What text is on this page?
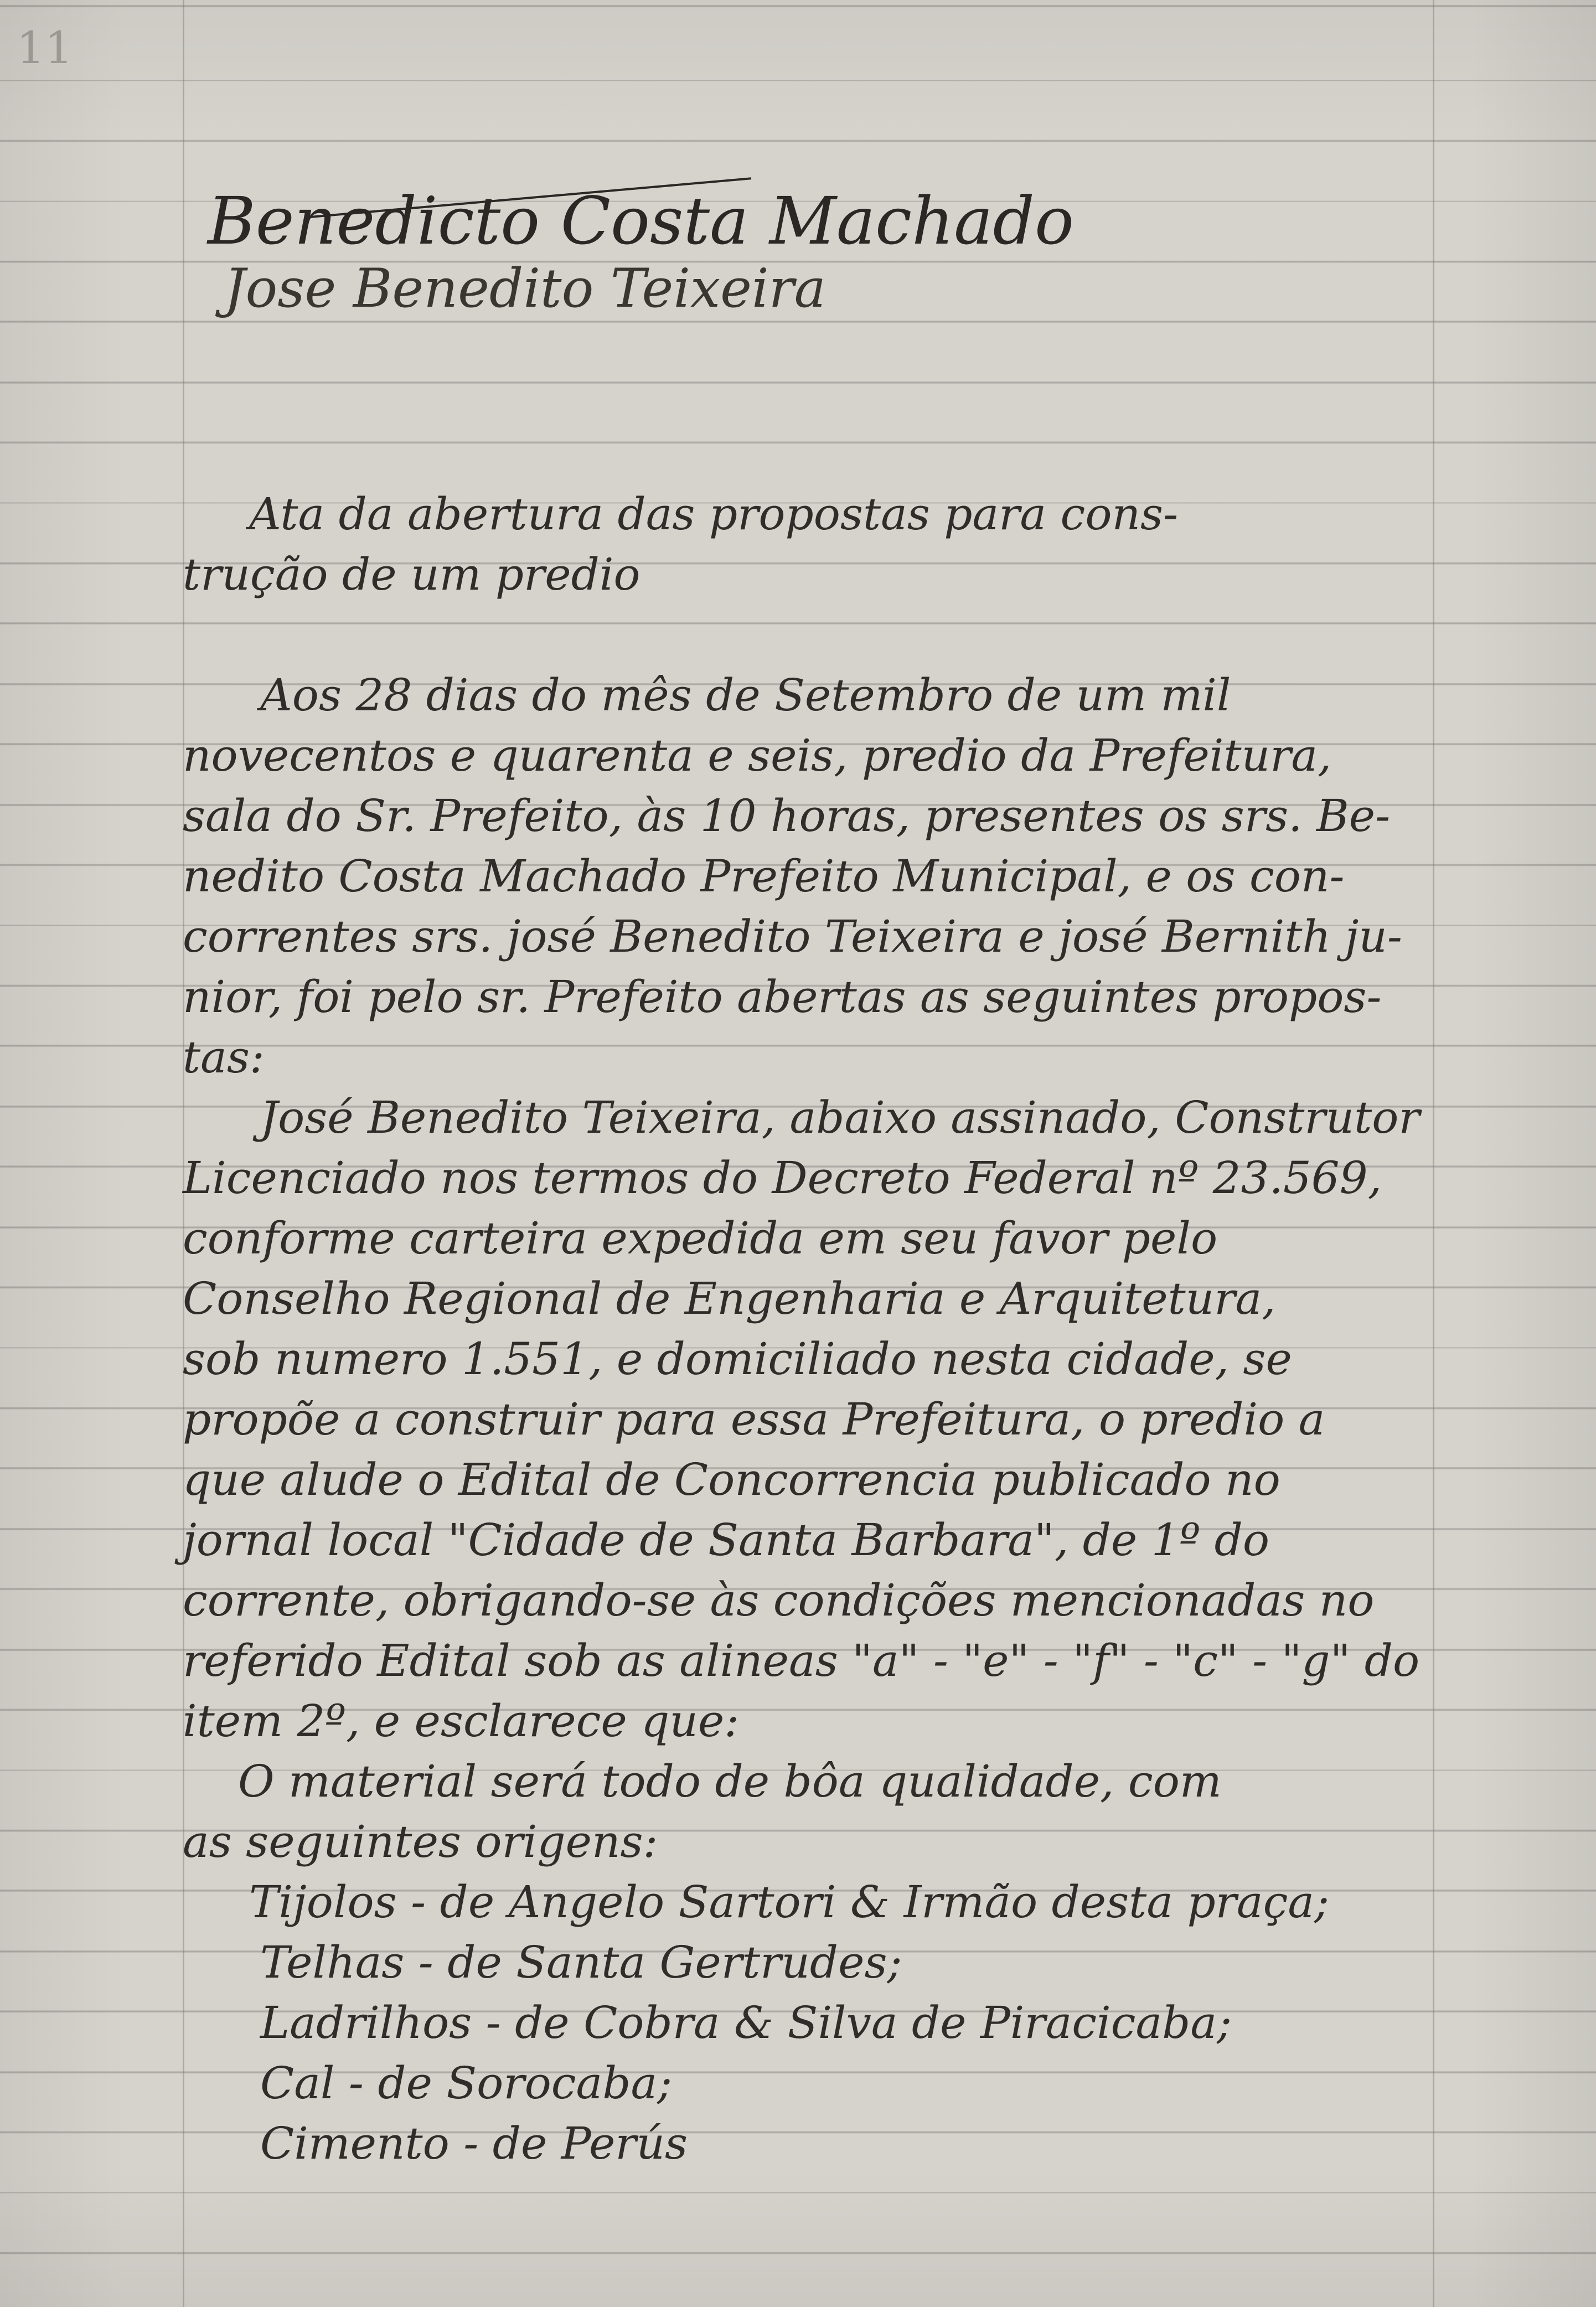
11
Benedicto Costa Machado
Jose Benedito Teixeira
Ata da abertura das propostas para cons-
trução de um predio
Aos 28 dias do mês de Setembro de um mil
novecentos e quarenta e seis, predio da Prefeitura,
sala do Sr. Prefeito, às 10 horas, presentes os srs. Be-
nedito Costa Machado Prefeito Municipal, e os con-
correntes srs. josé Benedito Teixeira e josé Bernith ju-
nior, foi pelo sr. Prefeito abertas as seguintes propos-
tas:
José Benedito Teixeira, abaixo assinado, Construtor
Licenciado nos termos do Decreto Federal nº 23.569,
conforme carteira expedida em seu favor pelo
Conselho Regional de Engenharia e Arquitetura,
sob numero 1.551, e domiciliado nesta cidade, se
propõe a construir para essa Prefeitura, o predio a
que alude o Edital de Concorrencia publicado no
jornal local "Cidade de Santa Barbara", de 1º do
corrente, obrigando-se às condições mencionadas no
referido Edital sob as alineas "a" - "e" - "f" - "c" - "g" do
item 2º, e esclarece que:
O material será todo de bôa qualidade, com
as seguintes origens:
Tijolos - de Angelo Sartori & Irmão desta praça;
Telhas - de Santa Gertrudes;
Ladrilhos - de Cobra & Silva de Piracicaba;
Cal - de Sorocaba;
Cimento - de Perús
